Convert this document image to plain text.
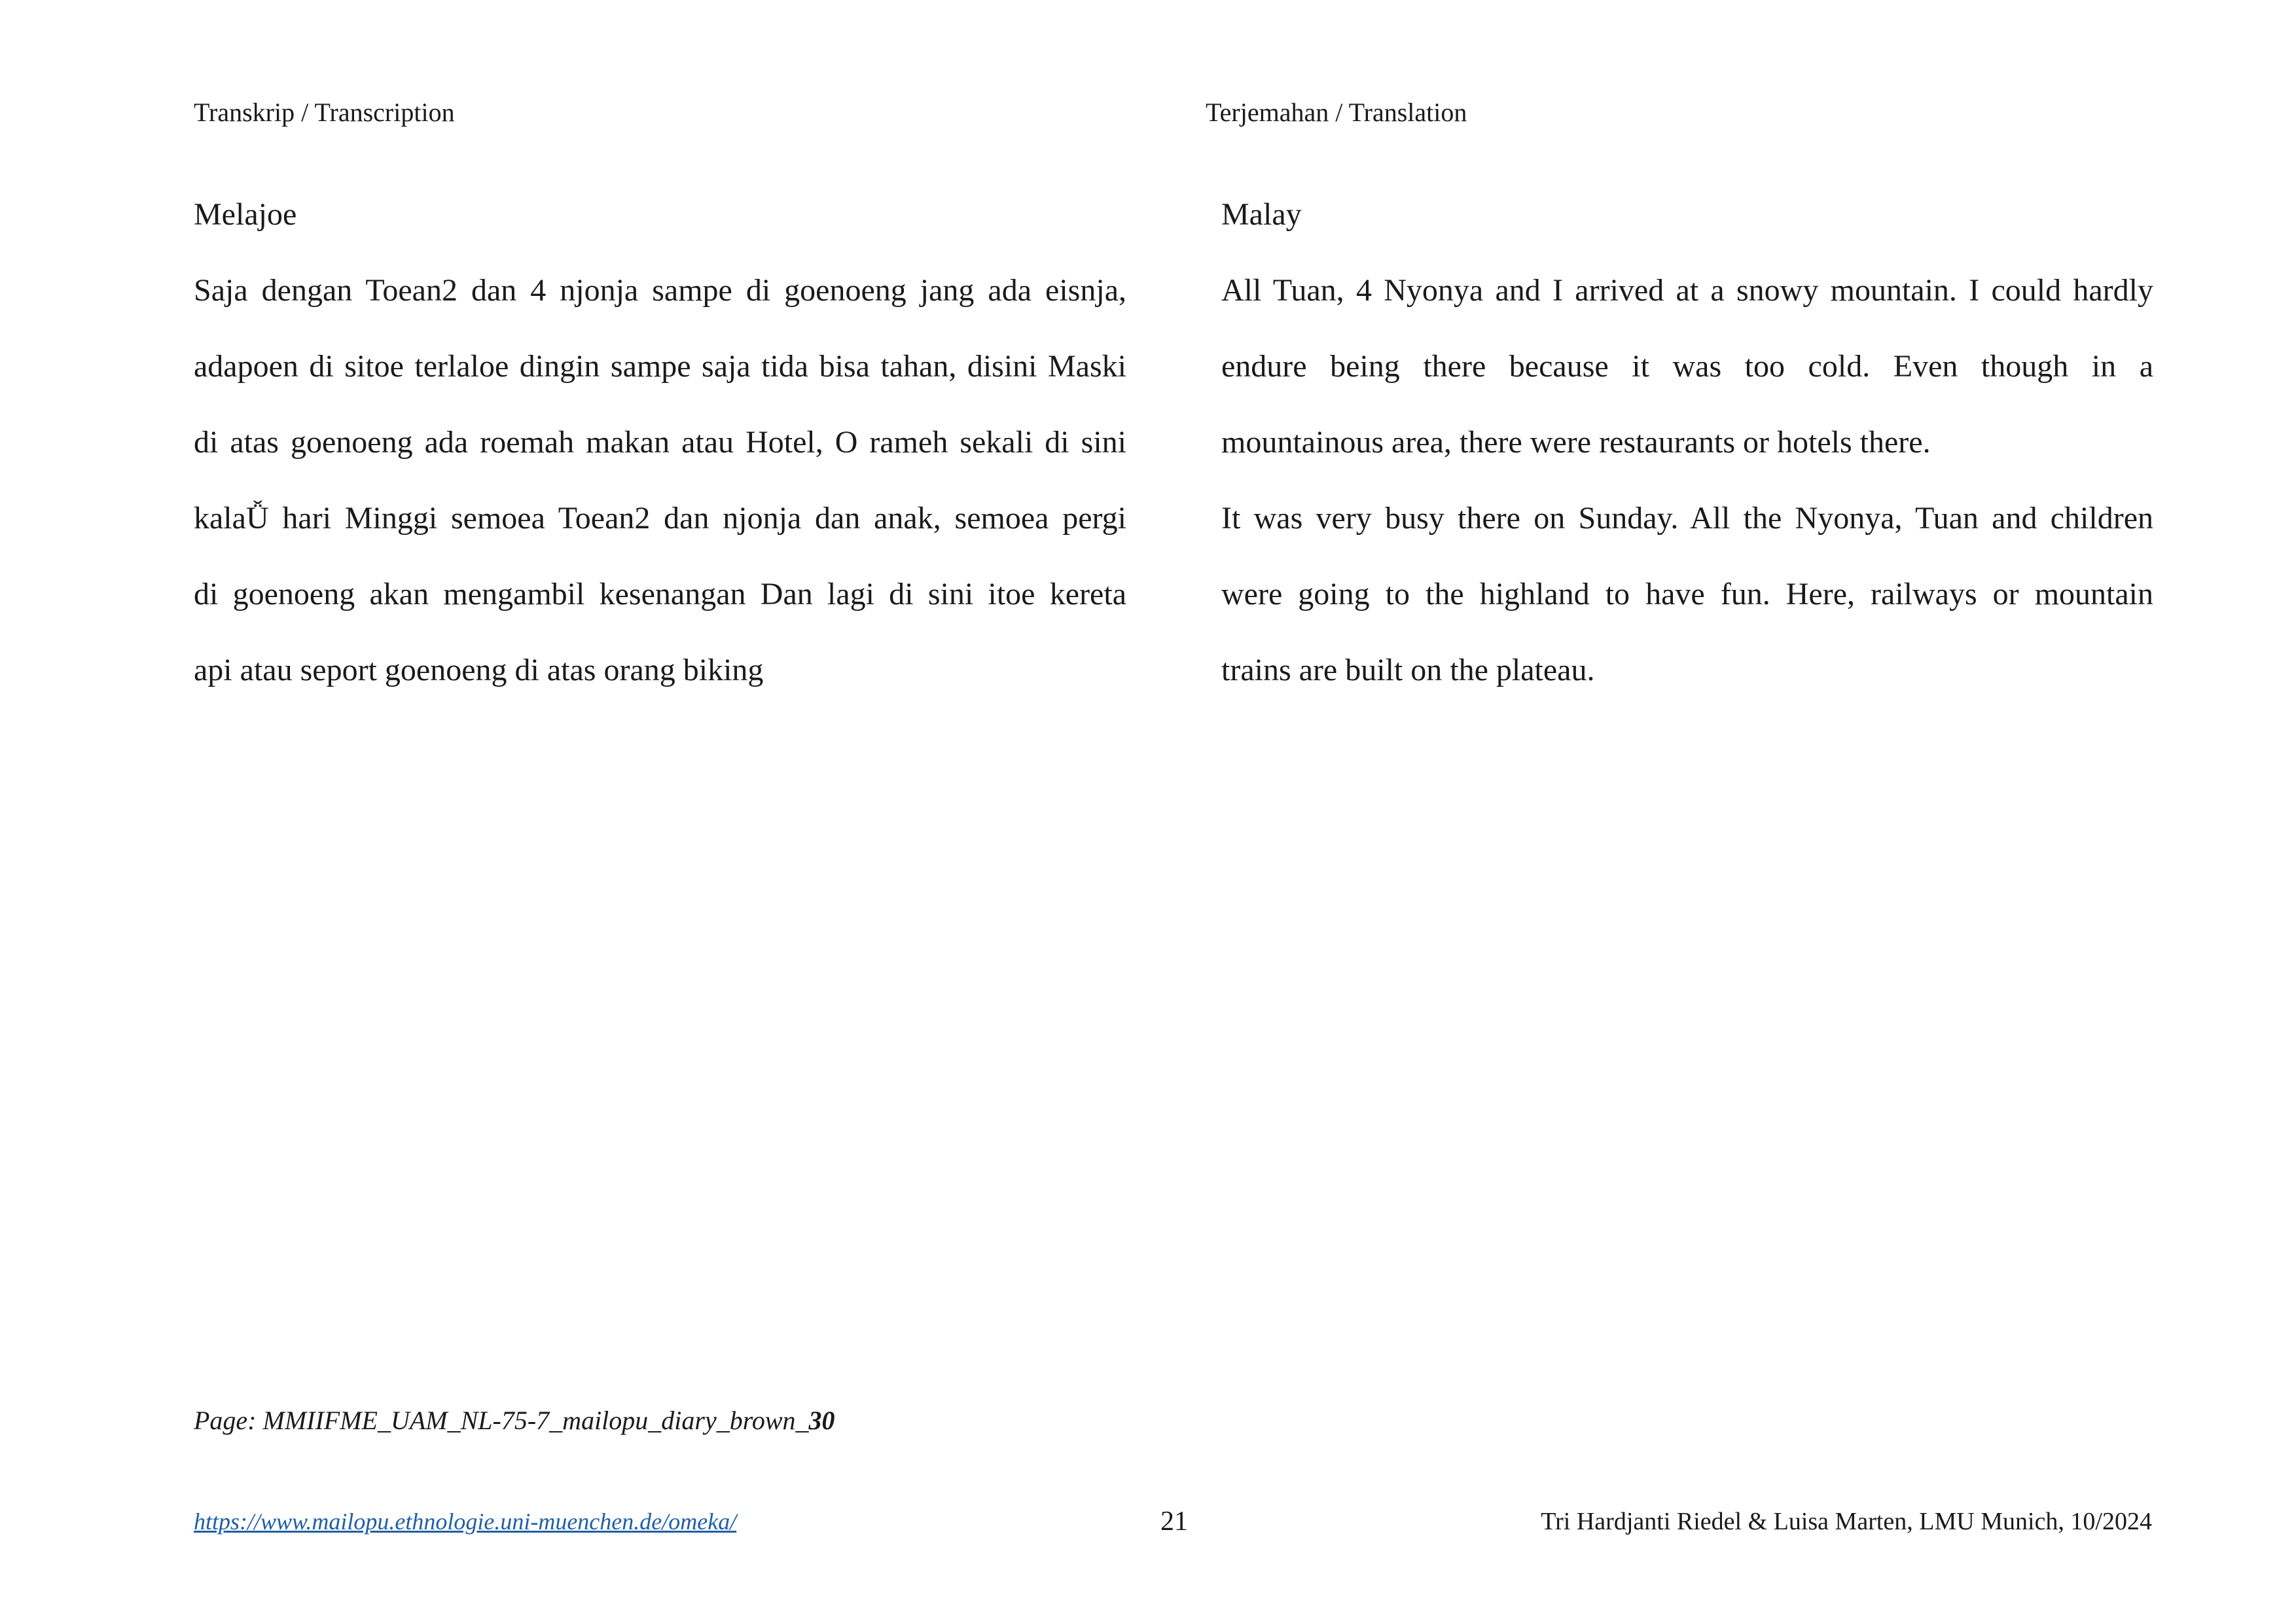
Transkrip / Transcription	Terjemahan / Translation
Melajoe
Saja dengan Toean2 dan 4 njonja sampe di goenoeng jang ada eisnja,
adapoen di sitoe terlaloe dingin sampe saja tida bisa tahan, disini Maski
di atas goenoeng ada roemah makan atau Hotel, O rameh sekali di sini
kalaǙ hari Minggi semoea Toean2 dan njonja dan anak, semoea pergi
di goenoeng akan mengambil kesenangan Dan lagi di sini itoe kereta
api atau seport goenoeng di atas orang biking
Malay
All Tuan, 4 Nyonya and I arrived at a snowy mountain. I could hardly
endure being there because it was too cold. Even though in a
mountainous area, there were restaurants or hotels there.
It was very busy there on Sunday. All the Nyonya, Tuan and children
were going to the highland to have fun. Here, railways or mountain
trains are built on the plateau.
Page: MMIIFME_UAM_NL-75-7_mailopu_diary_brown_30
https://www.mailopu.ethnologie.uni-muenchen.de/omeka/	21	Tri Hardjanti Riedel & Luisa Marten, LMU Munich, 10/2024
